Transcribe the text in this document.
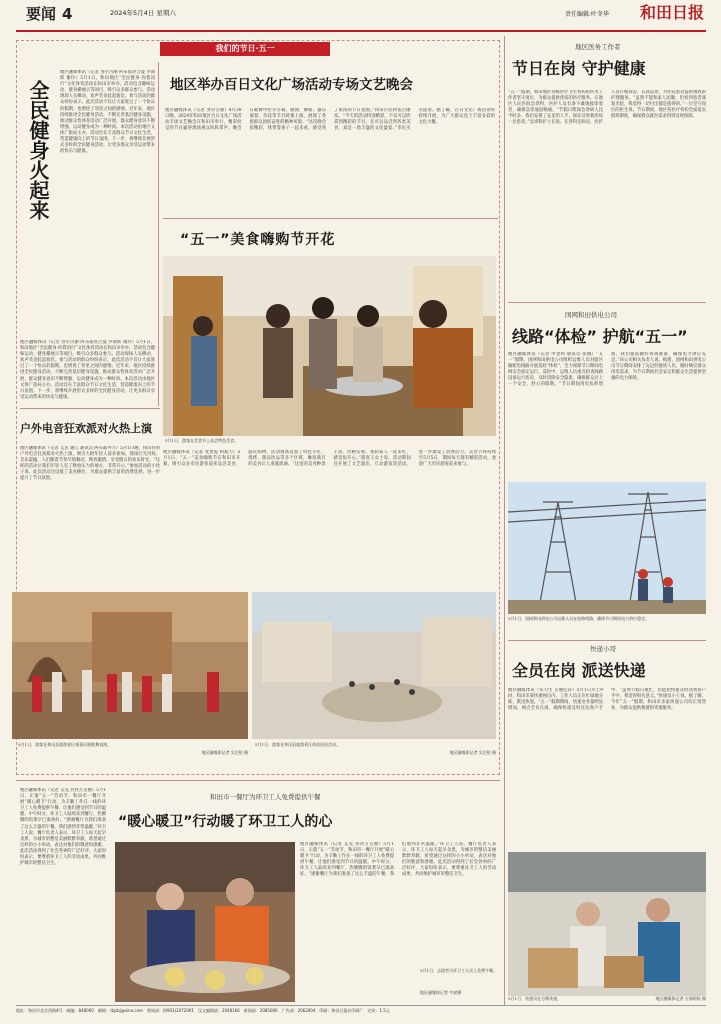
要闻 4	2024年5月4日 星期六	责任编辑:叶冬华 和田日报
我们的节日·五一
全民健身火起来
地区融媒体讯（记者 努尔古丽·阿布都热合曼 罗锦辉 谢玲）5月1日，和田地区“全民健身·你我同行”文化体育活动在和田市举办，活动包含趣味运动、健身操展示等项目，吸引众多群众参与。活动现场人头攒动，欢声笑语此起彼伏。参与活动的群众纷纷表示，此次活动不仅让大家度过了一个快乐的假期，也增进了邻里之间的感情。近年来，地区持续推进全民健身活动，不断完善基层健身设施，推动群众性体育活动广泛开展，群众健身意识不断增强，运动健身成为一种时尚。本次活动由地区文体广旅局主办，活动旨在丰富群众节日文化生活，营造健康向上的节日氛围。下一步，将继续开展形式多样的全民健身活动，让更多群众享受运动带来的快乐与健康。
地区融媒体讯（记者 努尔古丽·阿布都热合曼 罗锦辉 谢玲）5月1日，和田地区“全民健身·你我同行”文化体育活动在和田市举办，活动包含趣味运动、健身操展示等项目，吸引众多群众参与。活动现场人头攒动，欢声笑语此起彼伏。参与活动的群众纷纷表示，此次活动不仅让大家度过了一个快乐的假期，也增进了邻里之间的感情。近年来，地区持续推进全民健身活动，不断完善基层健身设施，推动群众性体育活动广泛开展，群众健身意识不断增强，运动健身成为一种时尚。本次活动由地区文体广旅局主办，活动旨在丰富群众节日文化生活，营造健康向上的节日氛围。下一步，将继续开展形式多样的全民健身活动，让更多群众享受运动带来的快乐与健康。
地区举办百日文化广场活动专场文艺晚会
地区融媒体讯（记者 努尔古丽）4月30日晚，2024年和田地区百日文化广场活动专场文艺晚会在和田市举行，精彩纷呈的节目赢得现场观众阵阵掌声。晚会在歌舞中拉开序幕，歌曲、舞蹈、器乐演奏、杂技等节目轮番上演，展现了各族群众团结奋进的精神风貌。“这次晚会很精彩，我带着孩子一起来看，感受到了浓浓的节日氛围。”和田市民阿依古丽说。“今天的活动特别精彩，不仅可以欣赏到精彩的节目，还可以品尝到各类美食，真是一场丰盛的文化盛宴。”市民买买提说。据了解，百日文化广场活动将持续开展，为广大群众送上丰富多彩的文化大餐。
“五一”美食嗨购节开花
5月1日，游客在美食节上品尝特色美食。
户外电音狂欢派对火热上演
地区融媒体讯（记者 艾克 谢江 通讯员 阿布都外力）5月1日晚，和田县的户外电音狂欢派对火热上演，吸引大批年轻人前来参加。现场灯光闪烁，音乐震撼，人们随着节奏尽情舞动，释放激情，享受假日的欢乐时光。“这样的活动让我们年轻人有了释放压力的地方，非常开心。”参加活动的小伙子说。此次活动还设置了美食摊位，为群众提供丰富的消费选择，进一步提升了节日氛围。
地区融媒体讯（记者 麦麦提 阿迪力）5月1日，“五一”美食嗨购节在和田市开幕，吸引众多市民游客前来品尝美食、游玩购物。活动现场设置了特色小吃、烧烤、甜品饮品等多个区域，琳琅满目的美食让人垂涎欲滴。“这里的美食种类丰富，价格实惠，我和家人一起来吃，感觉很开心。”游客王女士说。活动期间还开展了文艺演出、互动游戏等活动，进一步激发了消费活力。美食节将持续至5月5日，期间每天都有精彩活动，欢迎广大市民游客前来参与。
5月1日，游客在和田县旅游景区观看民族歌舞表演。	5月1日，游客在和田县旅游景区体验民俗活动。
地区融媒体记者 吴巴哈 摄	地区融媒体记者 吴巴哈 摄
地区融媒体讯（记者 艾克 热孜万古丽）5月1日，正值“五一”劳动节，和田市一餐厅开展“暖心暖卫”行动，为辛勤工作在一线的环卫工人免费提供午餐，让他们感受到节日的温暖。中午时分，环卫工人陆续来到餐厅，热腾腾的饭菜早已准备好。“感谢餐厅为我们准备了这么丰盛的午餐，我们感到非常温暖。”环卫工人说。餐厅负责人表示，环卫工人每天起早贪黑，为城市的整洁美丽默默奉献，希望通过这样的小小举动，表达对他们的敬意和感谢。此次活动得到了社会各界的广泛好评，大家纷纷表示，要尊重环卫工人的劳动成果，共同维护城市的整洁卫生。
和田市一餐厅为环卫工人免费提供午餐
“暖心暖卫”行动暖了环卫工人的心
地区融媒体讯（记者 艾克 热孜万古丽）5月1日，正值“五一”劳动节，和田市一餐厅开展“暖心暖卫”行动，为辛勤工作在一线的环卫工人免费提供午餐，让他们感受到节日的温暖。中午时分，环卫工人陆续来到餐厅，热腾腾的饭菜早已准备好。“感谢餐厅为我们准备了这么丰盛的午餐，我们感到非常温暖。”环卫工人说。餐厅负责人表示，环卫工人每天起早贪黑，为城市的整洁美丽默默奉献，希望通过这样的小小举动，表达对他们的敬意和感谢。此次活动得到了社会各界的广泛好评，大家纷纷表示，要尊重环卫工人的劳动成果，共同维护城市的整洁卫生。
5月1日，志愿者为环卫工人送上免费午餐。
地区融媒体记者 牛斌摄
地区医务工作者
节日在岗 守护健康
“五一”假期，和田地区各级医疗卫生机构的医务工作者坚守岗位，为群众提供优质的医疗服务。在地区人民医院急诊科，医护人员有条不紊地接诊患者，确保急诊通道畅通。“节假日期间急诊病人比平时多，我们安排了充足的人手，保证及时救治每一位患者。”急诊科护士长说。在各科室病房，医护人员仔细查房、认真巡诊，为住院患者提供细致的护理服务。“虽然不能和家人团聚，但看到患者康复出院，我觉得一切付出都是值得的。”一位坚守岗位的医生说。节日期间，地区各医疗机构全面落实值班制度，确保群众就医需求得到及时保障。
国网和田供电公司
线路“体检” 护航“五一”
地区融媒体讯（记者 申金利 通讯员 张晓）“五一”假期，国网和田供电公司组织运维人员对辖区输配电线路开展巡检“体检”，全力保障节日期间电网安全稳定运行。巡检中，运维人员重点检查线路设备运行状况，及时消除安全隐患，确保群众过上一个安全、舒心的假期。“节日期间用电负荷增加，我们提前做好各项准备，确保电力供应充足。”该公司相关负责人说。据悉，国网和田供电公司节日期间安排了充足的值班人员，随时响应群众用电需求，为节日期间社会安定和群众生活提供坚强的电力保障。
5月1日，国网和田供电公司运维人员在检修线路，确保节日期间电力供应稳定。
快递小哥
全员在岗 派送快递
地区融媒体讯（实习生 古丽尼莎）5月1日早上9时，和田市某快递网点内，工作人员正在忙碌地分拣、派送快递。“五一”假期期间，快递业务量明显增加，网点全员在岗，确保快递及时送达客户手中。“虽然节假日很忙，但能把快递及时送到客户手中，我觉得很有意义。”快递员小王说。据了解，今年“五一”假期，和田市多家快递公司均正常营业，为群众提供便捷的寄递服务。
5月1日，快递员在分拣快递。	地区融媒体记者 古丽阿依 摄
地址：和田市北京西路4号　邮编：848000　邮箱：rbjsbj@sina.com　要闻部：(0903)2072001　汉文编辑部：2048166　新闻部：2085000　广告部：2062004　印刷：和田日报社印刷厂　定价：1.5元
